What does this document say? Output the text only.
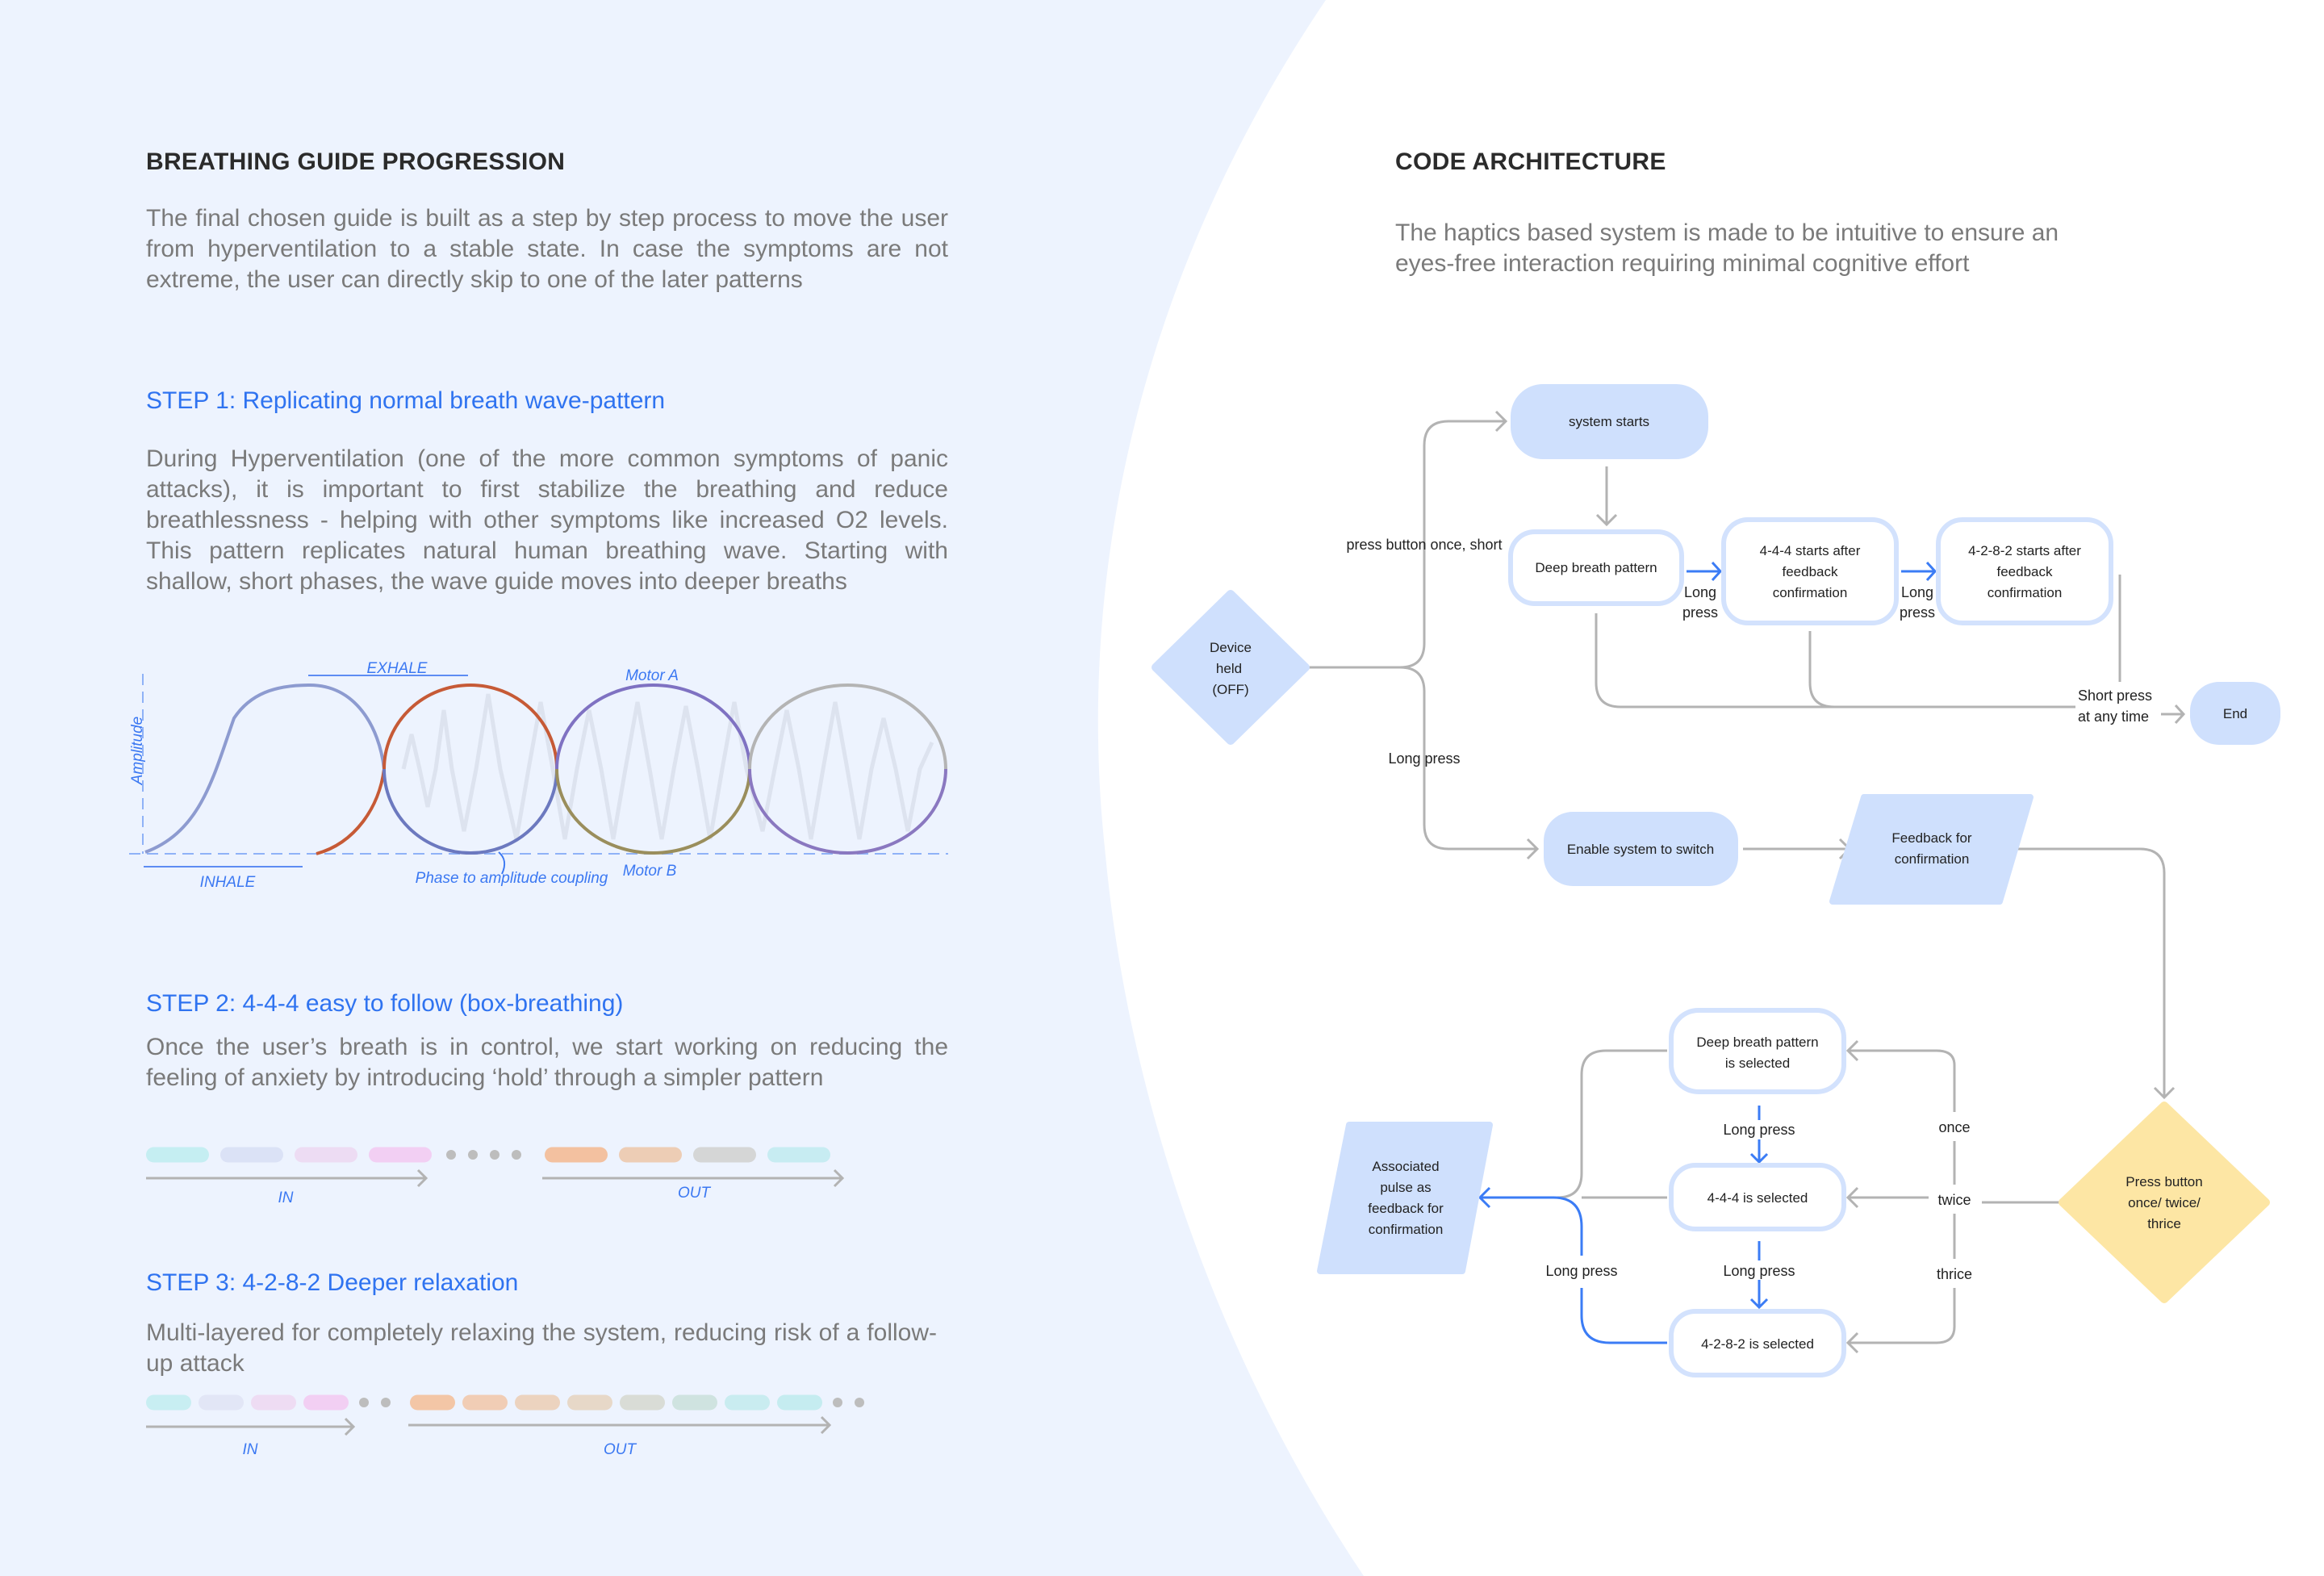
EXHALE
INHALE
Motor A
Motor B
Phase to amplitude coupling
Amplitude
IN	OUT
IN	OUT
system starts
Deep breath pattern
4-4-4 starts after
feedback
confirmation
4-2-8-2 starts after
feedback
confirmation
Device
held
(OFF)
End
Enable system to switch
Feedback for
confirmation
Press button
once/ twice/
thrice
Deep breath pattern
is selected
4-4-4 is selected
4-2-8-2 is selected
Associated
pulse as
feedback for
confirmation
press button once, short
Long press
Long
press
Long
press
Short press
at any time
once
twice
thrice
Long press
Long press
Long press
BREATHING GUIDE PROGRESSION

The final chosen guide is built as a step by step process to move the user from hyperventilation to a stable state. In case the symptoms are not extreme, the user can directly skip to one of the later patterns

STEP 1: Replicating normal breath wave-pattern

During Hyperventilation (one of the more common symptoms of panic attacks), it is important to first stabilize the breathing and reduce breathlessness - helping with other symptoms like increased O2 levels. This pattern replicates natural human breathing wave. Starting with shallow, short phases, the wave guide moves into deeper breaths

STEP 2: 4-4-4 easy to follow (box-breathing)

Once the user’s breath is in control, we start working on reducing the feeling of anxiety by introducing ‘hold’ through a simpler pattern

STEP 3: 4-2-8-2 Deeper relaxation

Multi-layered for completely relaxing the system, reducing risk of a follow-up attack

CODE ARCHITECTURE

The haptics based system is made to be intuitive to ensure an eyes-free interaction requiring minimal cognitive effort
